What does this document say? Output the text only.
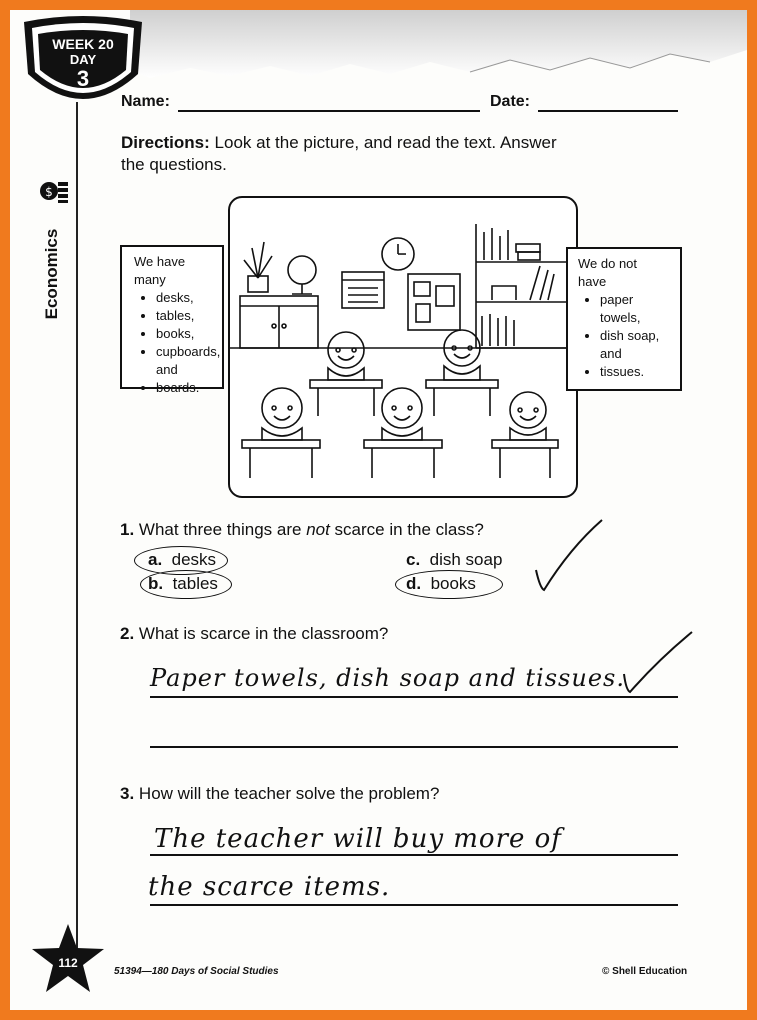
WEEK 20
DAY
3
Name:	Date:
Directions: Look at the picture, and read the text. Answer
the questions.
$
Economics	We have many
• desks,
• tables,
• books,
• cupboards,
and
• boards.
We do not
have
• paper
towels,
• dish soap,
and
• tissues.
1. What three things are not scarce in the class?
a. desks
b. tables
c. dish soap
d. books
2. What is scarce in the classroom?
Paper towels, dish soap and tissues.
3. How will the teacher solve the problem?
The teacher will buy more of
the scarce items.
112
51394—180 Days of Social Studies	© Shell Education
